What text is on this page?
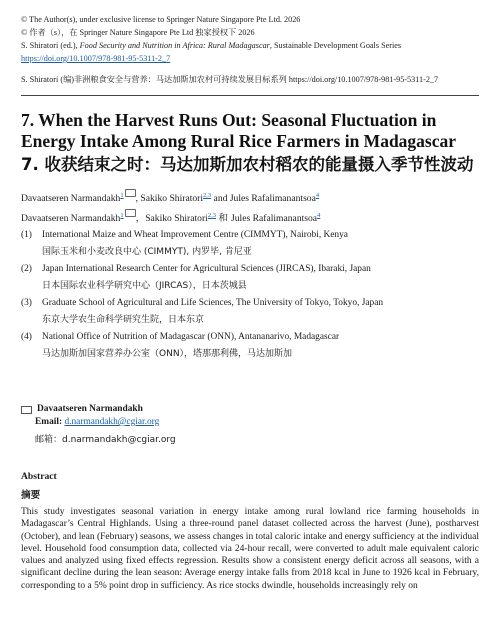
© The Author(s), under exclusive license to Springer Nature Singapore Pte Ltd. 2026
© 作者（s），在 Springer Nature Singapore Pte Ltd 独家授权下 2026
S. Shiratori (ed.), Food Security and Nutrition in Africa: Rural Madagascar, Sustainable Development Goals Series
https://doi.org/10.1007/978-981-95-5311-2_7
S. Shiratori (编)非洲粮食安全与营养：马达加斯加农村可持续发展目标系列 https://doi.org/10.1007/978-981-95-5311-2_7
7. When the Harvest Runs Out: Seasonal Fluctuation in Energy Intake Among Rural Rice Farmers in Madagascar
7. 收获结束之时：马达加斯加农村稻农的能量摄入季节性波动
Davaatseren Narmandakh$^1$ , Sakiko Shiratori$^{2,3}$ and Jules Rafalimanantsoa$^4$
Davaatseren Narmandakh$^1$ ，Sakiko Shiratori$^{2,3}$ 和 Jules Rafalimanantsoa$^4$
(1)	International Maize and Wheat Improvement Centre (CIMMYT), Nairobi, Kenya
国际玉米和小麦改良中心 (CIMMYT), 内罗毕, 肯尼亚
(2)	Japan International Research Center for Agricultural Sciences (JIRCAS), Ibaraki, Japan
日本国际农业科学研究中心（JIRCAS），日本茨城县
(3)	Graduate School of Agricultural and Life Sciences, The University of Tokyo, Tokyo, Japan
东京大学农生命科学研究生院，日本东京
(4)	National Office of Nutrition of Madagascar (ONN), Antananarivo, Madagascar
马达加斯加国家营养办公室（ONN），塔那那利佛，马达加斯加
Davaatseren Narmandakh
Email: d.narmandakh@cgiar.org
邮箱：d.narmandakh@cgiar.org
Abstract
摘要
This study investigates seasonal variation in energy intake among rural lowland rice farming households in Madagascar’s Central Highlands. Using a three-round panel dataset collected across the harvest (June), postharvest (October), and lean (February) seasons, we assess changes in total caloric intake and energy sufficiency at the individual level. Household food consumption data, collected via 24-hour recall, were converted to adult male equivalent caloric values and analyzed using fixed effects regression. Results show a consistent energy deficit across all seasons, with a significant decline during the lean season: Average energy intake falls from 2018 kcal in June to 1926 kcal in February, corresponding to a 5% point drop in sufficiency. As rice stocks dwindle, households increasingly rely on
